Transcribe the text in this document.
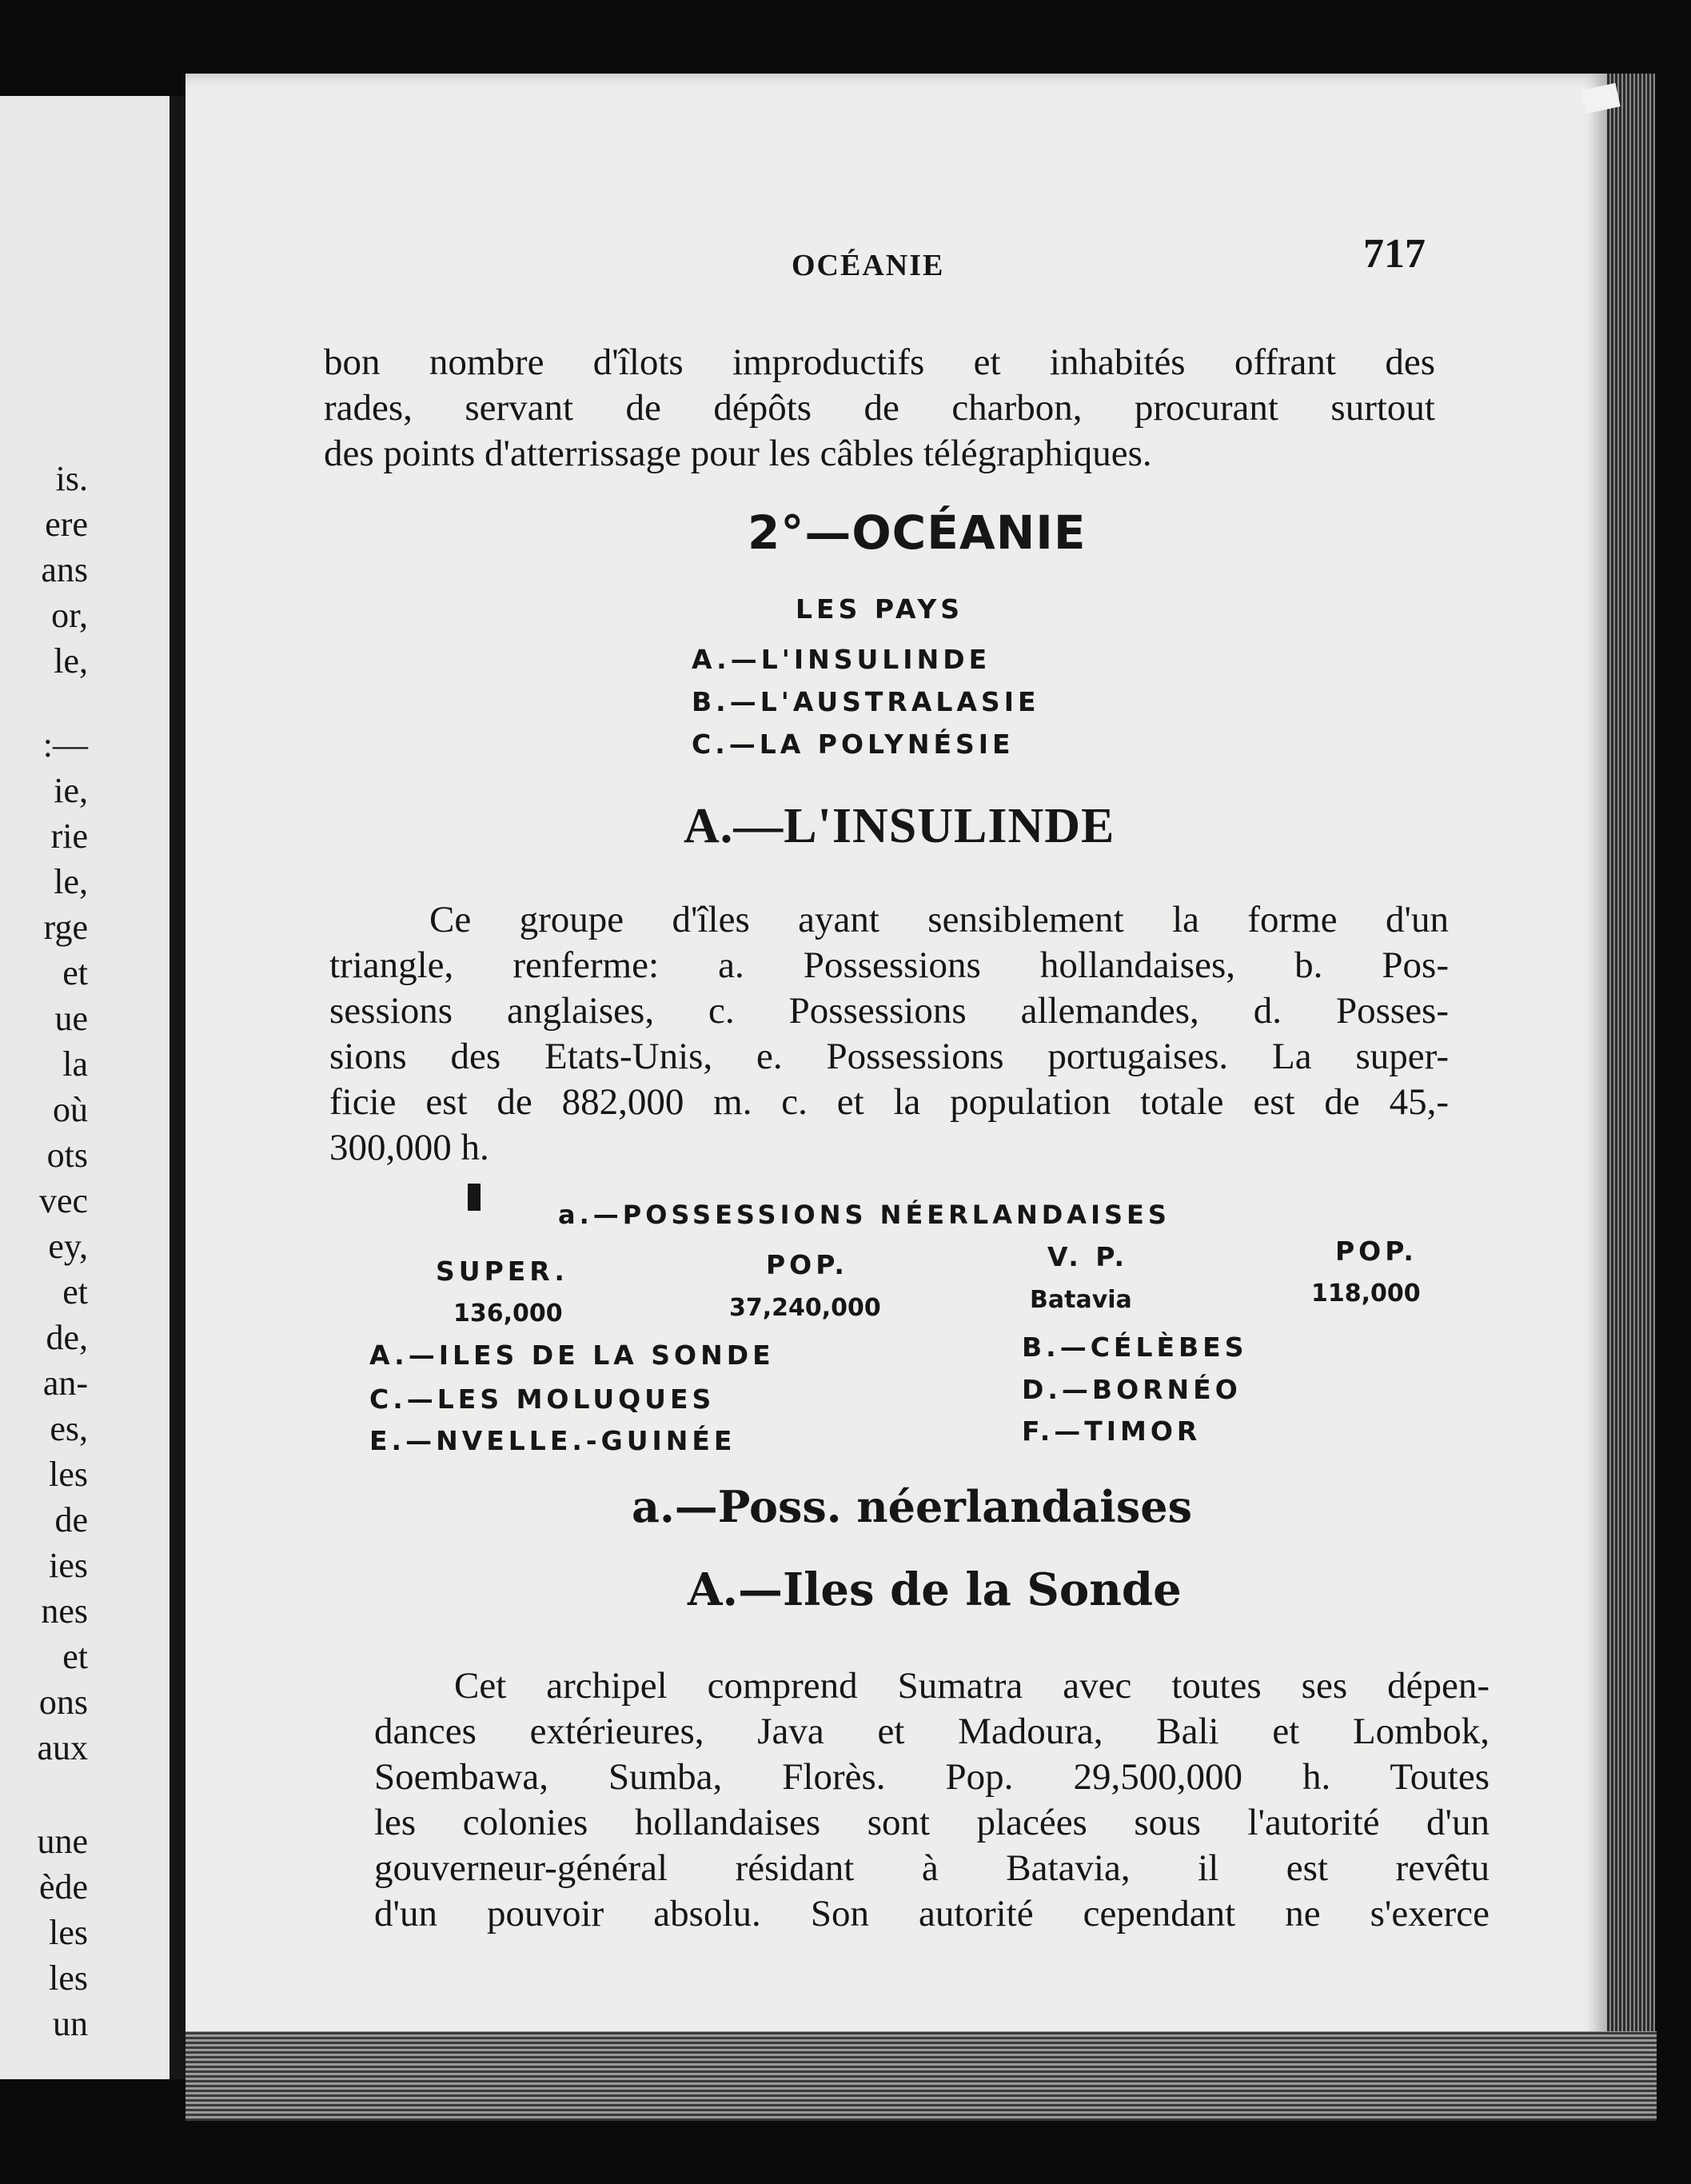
is.
ere
ans
or,
le,
:—
ie,
rie
le,
rge
et
ue
la
où
ots
vec
ey,
et
de,
an-
es,
les
de
ies
nes
et
ons
aux
une
ède
les
les
un
OCÉANIE	717
bon nombre d'îlots improductifs et inhabités offrant des
rades, servant de dépôts de charbon, procurant surtout
des points d'atterrissage pour les câbles télégraphiques.
2°—OCÉANIE
LES PAYS
A.—L'INSULINDE
B.—L'AUSTRALASIE
C.—LA POLYNÉSIE
A.—L'INSULINDE
Ce groupe d'îles ayant sensiblement la forme d'un
triangle, renferme: a. Possessions hollandaises, b. Pos-
sessions anglaises, c. Possessions allemandes, d. Posses-
sions des Etats-Unis, e. Possessions portugaises. La super-
ficie est de 882,000 m. c. et la population totale est de 45,-
300,000 h.
a.—POSSESSIONS NÉERLANDAISES
SUPER.	POP.	V. P.	POP.
136,000	37,240,000	Batavia	118,000
A.—ILES DE LA SONDE
C.—LES MOLUQUES
E.—NVELLE.-GUINÉE
B.—CÉLÈBES
D.—BORNÉO
F.—TIMOR
a.—Poss. néerlandaises
A.—Iles de la Sonde
Cet archipel comprend Sumatra avec toutes ses dépen-
dances extérieures, Java et Madoura, Bali et Lombok,
Soembawa, Sumba, Florès. Pop. 29,500,000 h. Toutes
les colonies hollandaises sont placées sous l'autorité d'un
gouverneur-général résidant à Batavia, il est revêtu
d'un pouvoir absolu. Son autorité cependant ne s'exerce
